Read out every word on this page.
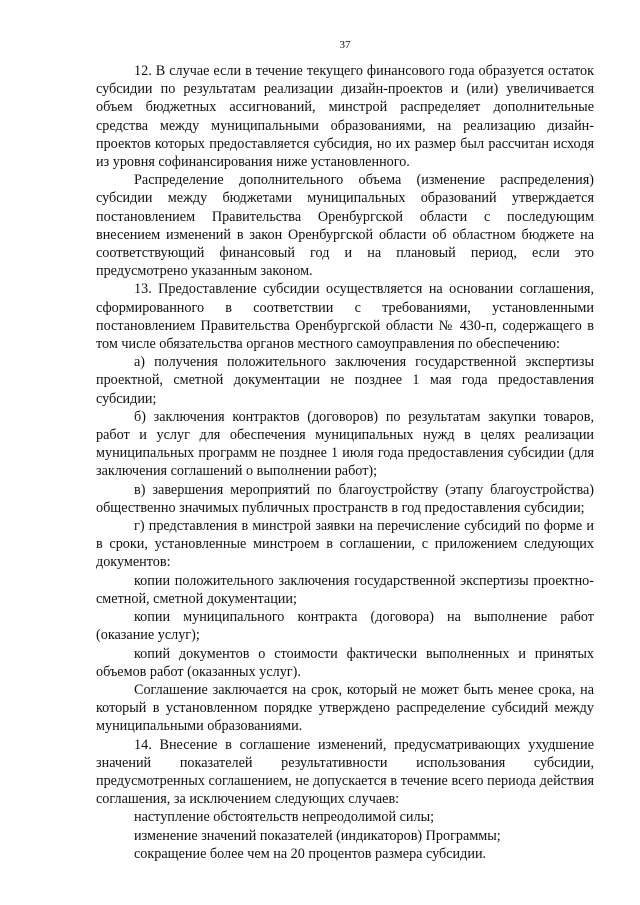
37

12. В случае если в течение текущего финансового года образуется остаток субсидии по результатам реализации дизайн-проектов и (или) увеличивается объем бюджетных ассигнований, минстрой распределяет дополнительные средства между муниципальными образованиями, на реализацию дизайн-проектов которых предоставляется субсидия, но их размер был рассчитан исходя из уровня софинансирования ниже установленного.

Распределение дополнительного объема (изменение распределения) субсидии между бюджетами муниципальных образований утверждается постановлением Правительства Оренбургской области с последующим внесением изменений в закон Оренбургской области об областном бюджете на соответствующий финансовый год и на плановый период, если это предусмотрено указанным законом.

13. Предоставление субсидии осуществляется на основании соглашения, сформированного в соответствии с требованиями, установленными постановлением Правительства Оренбургской области № 430-п, содержащего в том числе обязательства органов местного самоуправления по обеспечению:

а) получения положительного заключения государственной экспертизы проектной, сметной документации не позднее 1 мая года предоставления субсидии;

б) заключения контрактов (договоров) по результатам закупки товаров, работ и услуг для обеспечения муниципальных нужд в целях реализации муниципальных программ не позднее 1 июля года предоставления субсидии (для заключения соглашений о выполнении работ);

в) завершения мероприятий по благоустройству (этапу благоустройства) общественно значимых публичных пространств в год предоставления субсидии;

г) представления в минстрой заявки на перечисление субсидий по форме и в сроки, установленные минстроем в соглашении, с приложением следующих документов:

копии положительного заключения государственной экспертизы проектно-сметной, сметной документации;

копии муниципального контракта (договора) на выполнение работ (оказание услуг);

копий документов о стоимости фактически выполненных и принятых объемов работ (оказанных услуг).

Соглашение заключается на срок, который не может быть менее срока, на который в установленном порядке утверждено распределение субсидий между муниципальными образованиями.

14. Внесение в соглашение изменений, предусматривающих ухудшение значений показателей результативности использования субсидии, предусмотренных соглашением, не допускается в течение всего периода действия соглашения, за исключением следующих случаев:

наступление обстоятельств непреодолимой силы;

изменение значений показателей (индикаторов) Программы;

сокращение более чем на 20 процентов размера субсидии.
